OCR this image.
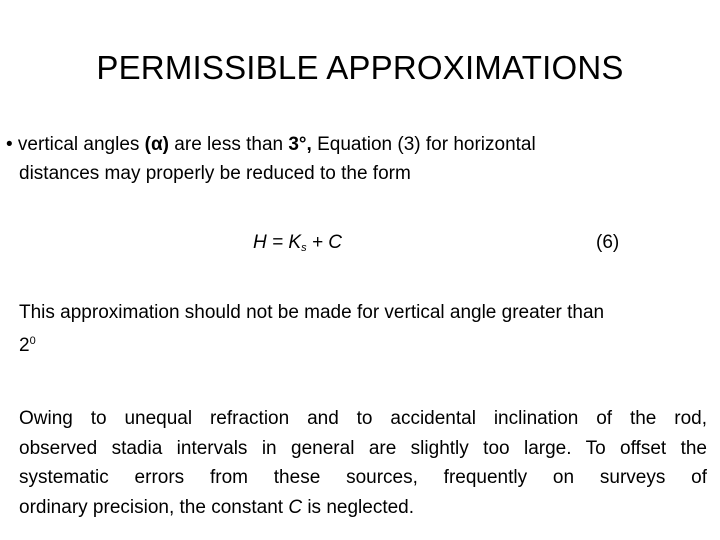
PERMISSIBLE APPROXIMATIONS
• vertical angles (α) are less than 3°, Equation (3) for horizontal
distances may properly be reduced to the form
$H = K_s + C$	(6)
This approximation should not be made for vertical angle greater than
$2^0$
Owing to unequal refraction and to accidental inclination of the rod,
observed stadia intervals in general are slightly too large. To offset the
systematic errors from these sources, frequently on surveys of
ordinary precision, the constant C is neglected.
